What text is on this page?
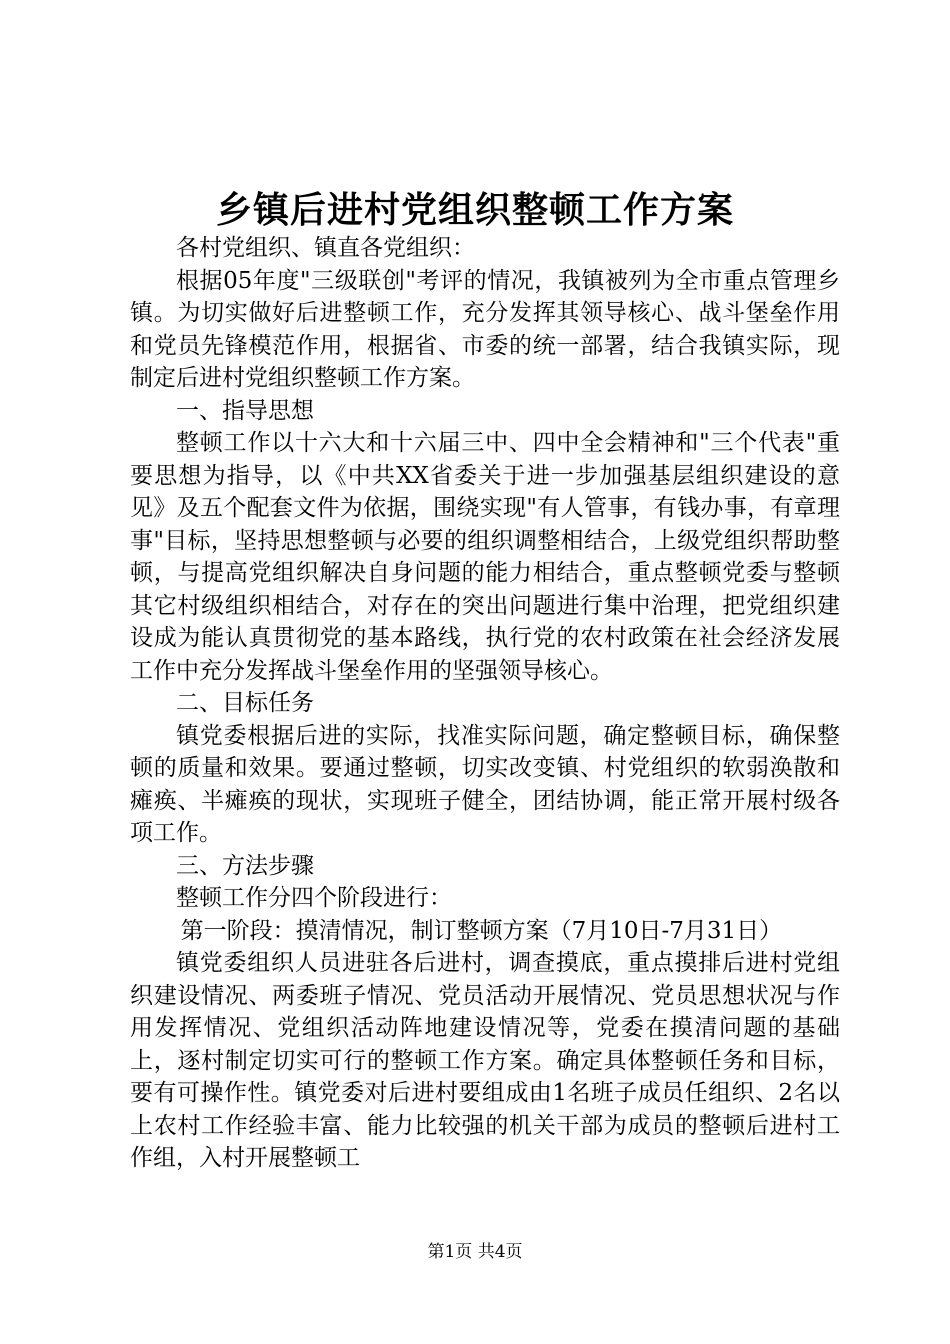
乡镇后进村党组织整顿工作方案

各村党组织、镇直各党组织：

根据05年度"三级联创"考评的情况，我镇被列为全市重点管理乡镇。为切实做好后进整顿工作，充分发挥其领导核心、战斗堡垒作用和党员先锋模范作用，根据省、市委的统一部署，结合我镇实际，现制定后进村党组织整顿工作方案。

一、指导思想

整顿工作以十六大和十六届三中、四中全会精神和"三个代表"重要思想为指导，以《中共XX省委关于进一步加强基层组织建设的意见》及五个配套文件为依据，围绕实现"有人管事，有钱办事，有章理事"目标，坚持思想整顿与必要的组织调整相结合，上级党组织帮助整顿，与提高党组织解决自身问题的能力相结合，重点整顿党委与整顿其它村级组织相结合，对存在的突出问题进行集中治理，把党组织建设成为能认真贯彻党的基本路线，执行党的农村政策在社会经济发展工作中充分发挥战斗堡垒作用的坚强领导核心。

二、目标任务

镇党委根据后进的实际，找准实际问题，确定整顿目标，确保整顿的质量和效果。要通过整顿，切实改变镇、村党组织的软弱涣散和瘫痪、半瘫痪的现状，实现班子健全，团结协调，能正常开展村级各项工作。

三、方法步骤

整顿工作分四个阶段进行：

第一阶段：摸清情况，制订整顿方案（7月10日-7月31日）

镇党委组织人员进驻各后进村，调查摸底，重点摸排后进村党组织建设情况、两委班子情况、党员活动开展情况、党员思想状况与作用发挥情况、党组织活动阵地建设情况等，党委在摸清问题的基础上，逐村制定切实可行的整顿工作方案。确定具体整顿任务和目标，要有可操作性。镇党委对后进村要组成由1名班子成员任组织、2名以上农村工作经验丰富、能力比较强的机关干部为成员的整顿后进村工作组，入村开展整顿工

第1页 共4页
